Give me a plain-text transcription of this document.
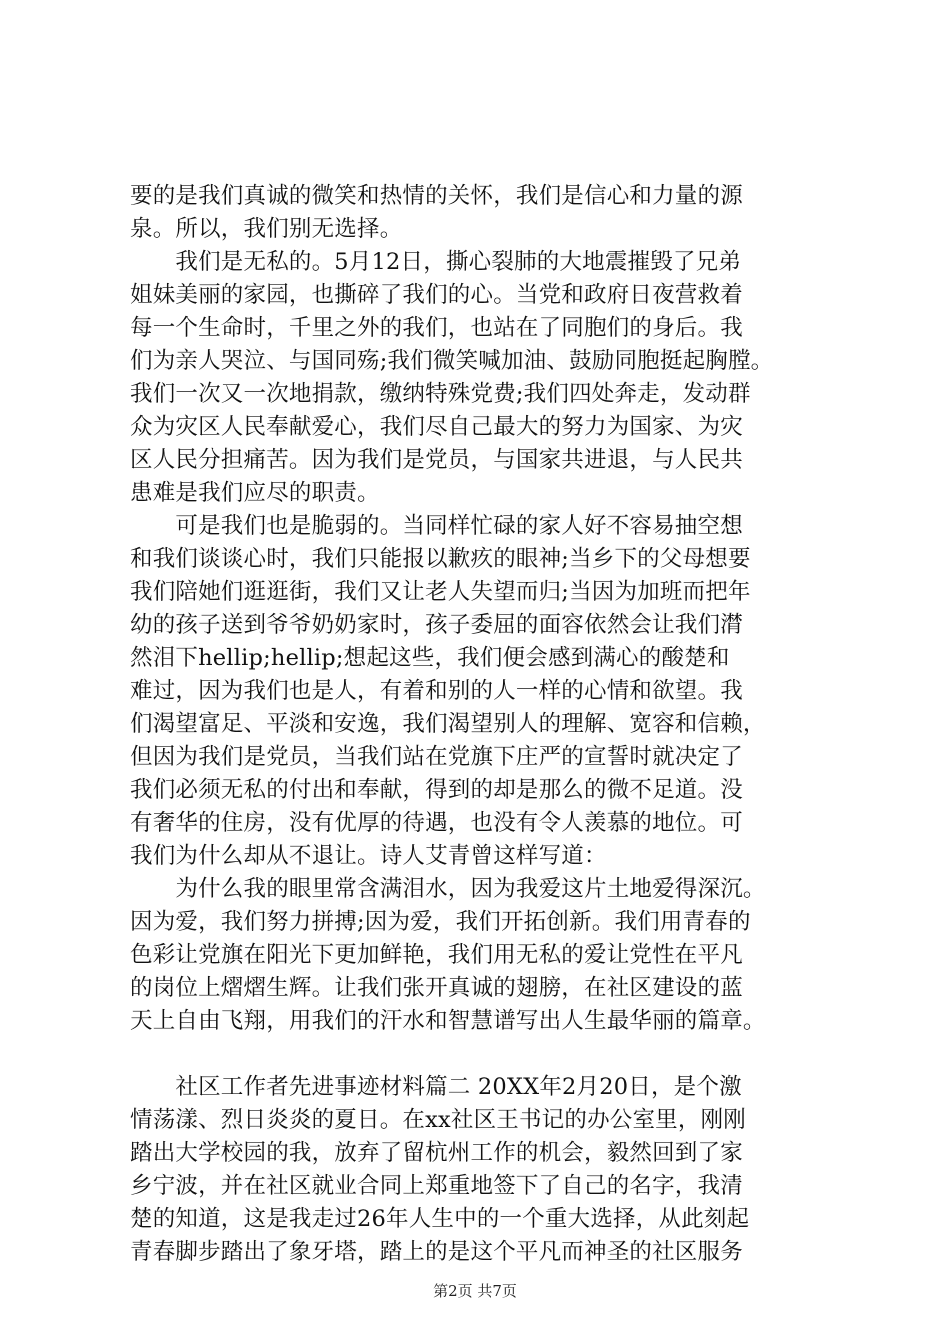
要的是我们真诚的微笑和热情的关怀，我们是信心和力量的源
泉。所以，我们别无选择。
　　我们是无私的。5月12日，撕心裂肺的大地震摧毁了兄弟
姐妹美丽的家园，也撕碎了我们的心。当党和政府日夜营救着
每一个生命时，千里之外的我们，也站在了同胞们的身后。我
们为亲人哭泣、与国同殇;我们微笑喊加油、鼓励同胞挺起胸膛。
我们一次又一次地捐款，缴纳特殊党费;我们四处奔走，发动群
众为灾区人民奉献爱心，我们尽自己最大的努力为国家、为灾
区人民分担痛苦。因为我们是党员，与国家共进退，与人民共
患难是我们应尽的职责。
　　可是我们也是脆弱的。当同样忙碌的家人好不容易抽空想
和我们谈谈心时，我们只能报以歉疚的眼神;当乡下的父母想要
我们陪她们逛逛街，我们又让老人失望而归;当因为加班而把年
幼的孩子送到爷爷奶奶家时，孩子委屈的面容依然会让我们潸
然泪下hellip;hellip;想起这些，我们便会感到满心的酸楚和
难过，因为我们也是人，有着和别的人一样的心情和欲望。我
们渴望富足、平淡和安逸，我们渴望别人的理解、宽容和信赖，
但因为我们是党员，当我们站在党旗下庄严的宣誓时就决定了
我们必须无私的付出和奉献，得到的却是那么的微不足道。没
有奢华的住房，没有优厚的待遇，也没有令人羡慕的地位。可
我们为什么却从不退让。诗人艾青曾这样写道：
　　为什么我的眼里常含满泪水，因为我爱这片土地爱得深沉。
因为爱，我们努力拼搏;因为爱，我们开拓创新。我们用青春的
色彩让党旗在阳光下更加鲜艳，我们用无私的爱让党性在平凡
的岗位上熠熠生辉。让我们张开真诚的翅膀，在社区建设的蓝
天上自由飞翔，用我们的汗水和智慧谱写出人生最华丽的篇章。
　　社区工作者先进事迹材料篇二 20XX年2月20日，是个激
情荡漾、烈日炎炎的夏日。在xx社区王书记的办公室里，刚刚
踏出大学校园的我，放弃了留杭州工作的机会，毅然回到了家
乡宁波，并在社区就业合同上郑重地签下了自己的名字，我清
楚的知道，这是我走过26年人生中的一个重大选择，从此刻起
青春脚步踏出了象牙塔，踏上的是这个平凡而神圣的社区服务
第2页 共7页
